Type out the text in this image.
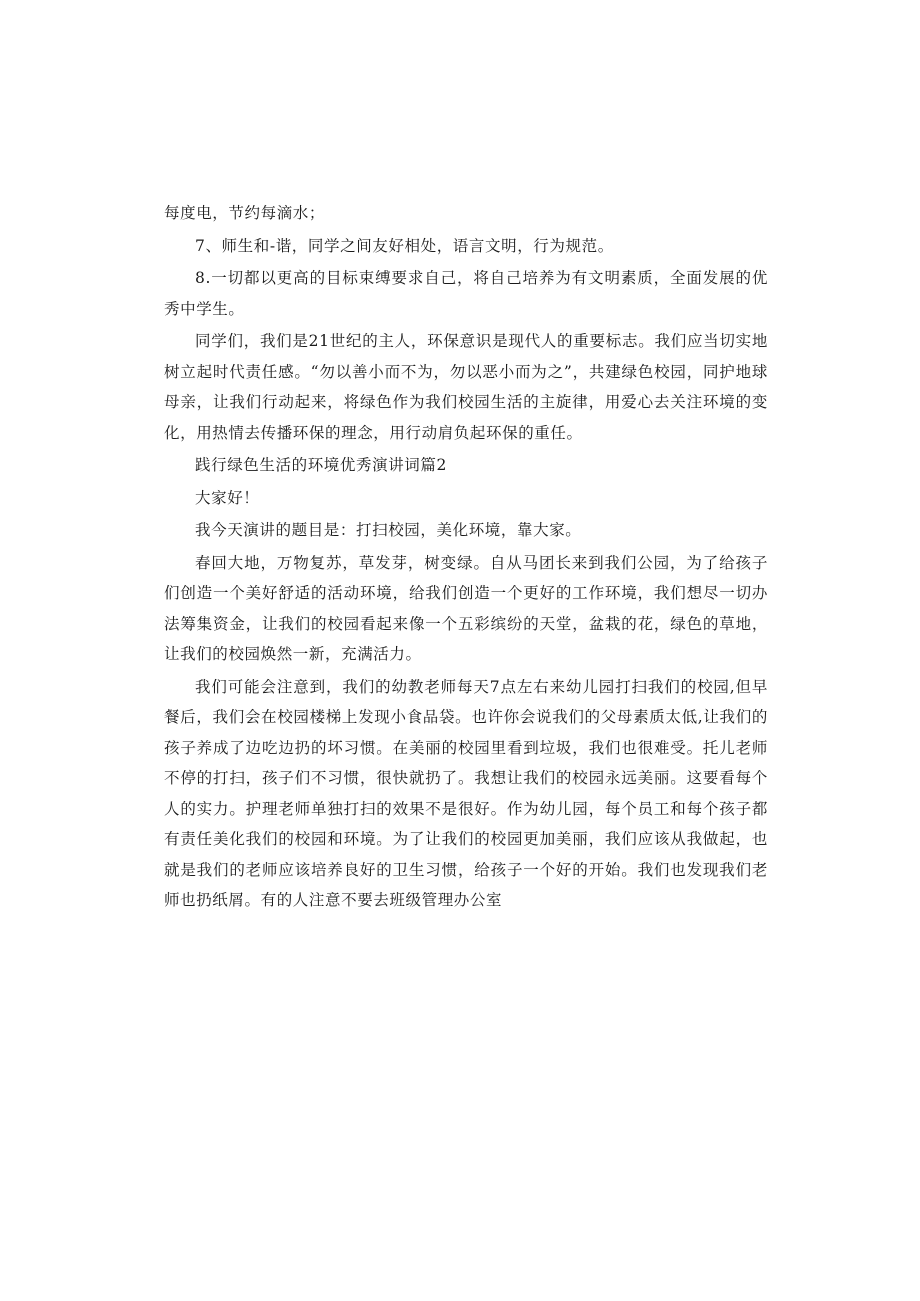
每度电，节约每滴水；

7、师生和-谐，同学之间友好相处，语言文明，行为规范。

8.一切都以更高的目标束缚要求自己，将自己培养为有文明素质，全面发展的优秀中学生。

同学们，我们是21世纪的主人，环保意识是现代人的重要标志。我们应当切实地树立起时代责任感。“勿以善小而不为，勿以恶小而为之”，共建绿色校园，同护地球母亲，让我们行动起来，将绿色作为我们校园生活的主旋律，用爱心去关注环境的变化，用热情去传播环保的理念，用行动肩负起环保的重任。

践行绿色生活的环境优秀演讲词篇2

大家好！

我今天演讲的题目是：打扫校园，美化环境，靠大家。

春回大地，万物复苏，草发芽，树变绿。自从马团长来到我们公园，为了给孩子们创造一个美好舒适的活动环境，给我们创造一个更好的工作环境，我们想尽一切办法筹集资金，让我们的校园看起来像一个五彩缤纷的天堂，盆栽的花，绿色的草地，让我们的校园焕然一新，充满活力。

我们可能会注意到，我们的幼教老师每天7点左右来幼儿园打扫我们的校园,但早餐后，我们会在校园楼梯上发现小食品袋。也许你会说我们的父母素质太低,让我们的孩子养成了边吃边扔的坏习惯。在美丽的校园里看到垃圾，我们也很难受。托儿老师不停的打扫，孩子们不习惯，很快就扔了。我想让我们的校园永远美丽。这要看每个人的实力。护理老师单独打扫的效果不是很好。作为幼儿园，每个员工和每个孩子都有责任美化我们的校园和环境。为了让我们的校园更加美丽，我们应该从我做起，也就是我们的老师应该培养良好的卫生习惯，给孩子一个好的开始。我们也发现我们老师也扔纸屑。有的人注意不要去班级管理办公室
